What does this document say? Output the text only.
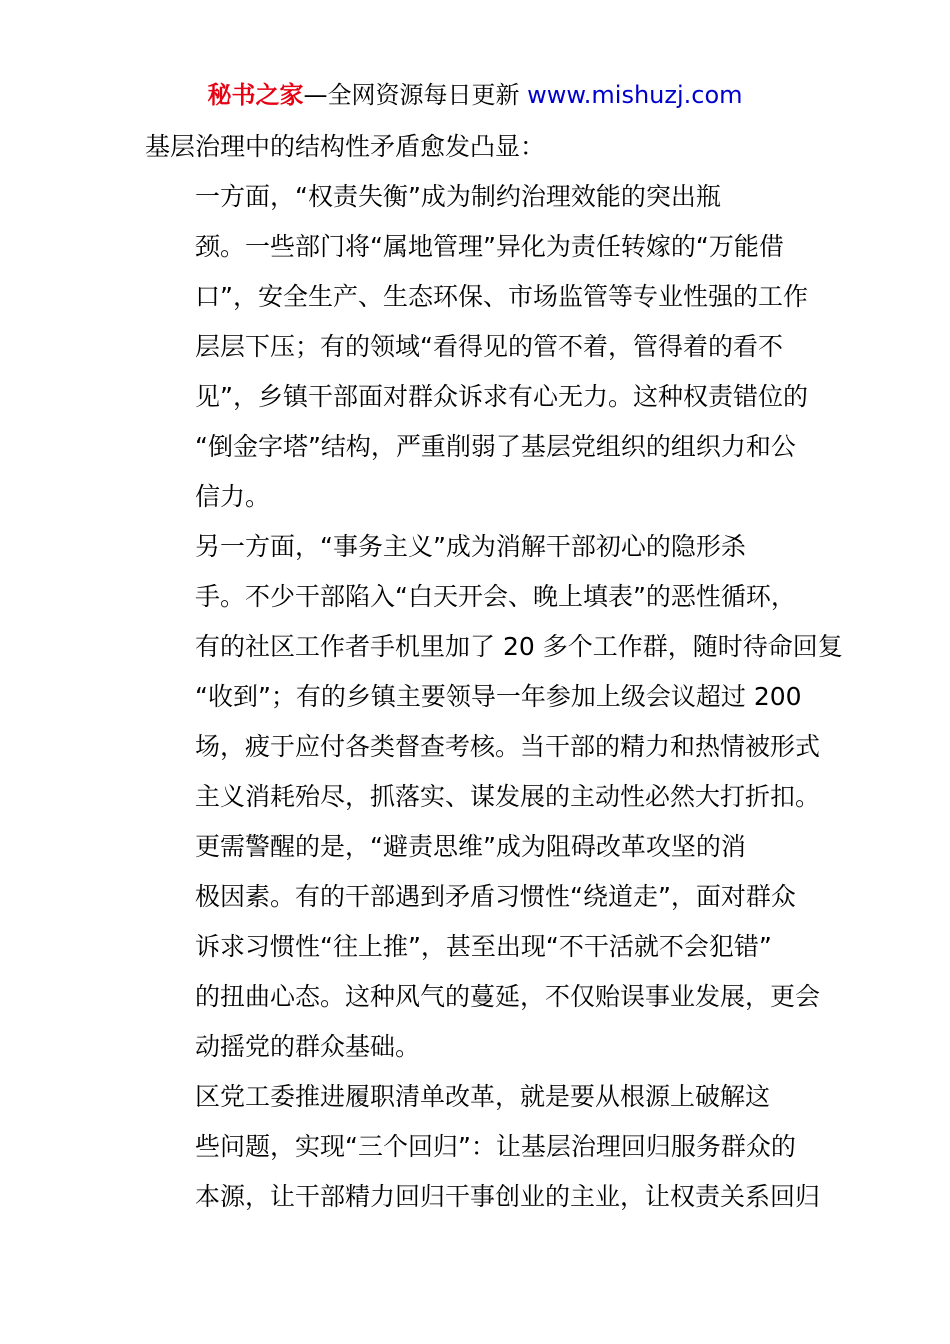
秘书之家—全网资源每日更新 www.mishuzj.com

基层治理中的结构性矛盾愈发凸显：

一方面，“权责失衡”成为制约治理效能的突出瓶
颈。一些部门将“属地管理”异化为责任转嫁的“万能借
口”，安全生产、生态环保、市场监管等专业性强的工作
层层下压；有的领域“看得见的管不着，管得着的看不
见”，乡镇干部面对群众诉求有心无力。这种权责错位的
“倒金字塔”结构，严重削弱了基层党组织的组织力和公
信力。

另一方面，“事务主义”成为消解干部初心的隐形杀
手。不少干部陷入“白天开会、晚上填表”的恶性循环，
有的社区工作者手机里加了 20 多个工作群，随时待命回复
“收到”；有的乡镇主要领导一年参加上级会议超过 200
场，疲于应付各类督查考核。当干部的精力和热情被形式
主义消耗殆尽，抓落实、谋发展的主动性必然大打折扣。

更需警醒的是，“避责思维”成为阻碍改革攻坚的消
极因素。有的干部遇到矛盾习惯性“绕道走”，面对群众
诉求习惯性“往上推”，甚至出现“不干活就不会犯错”
的扭曲心态。这种风气的蔓延，不仅贻误事业发展，更会
动摇党的群众基础。

区党工委推进履职清单改革，就是要从根源上破解这
些问题，实现“三个回归”：让基层治理回归服务群众的
本源，让干部精力回归干事创业的主业，让权责关系回归
